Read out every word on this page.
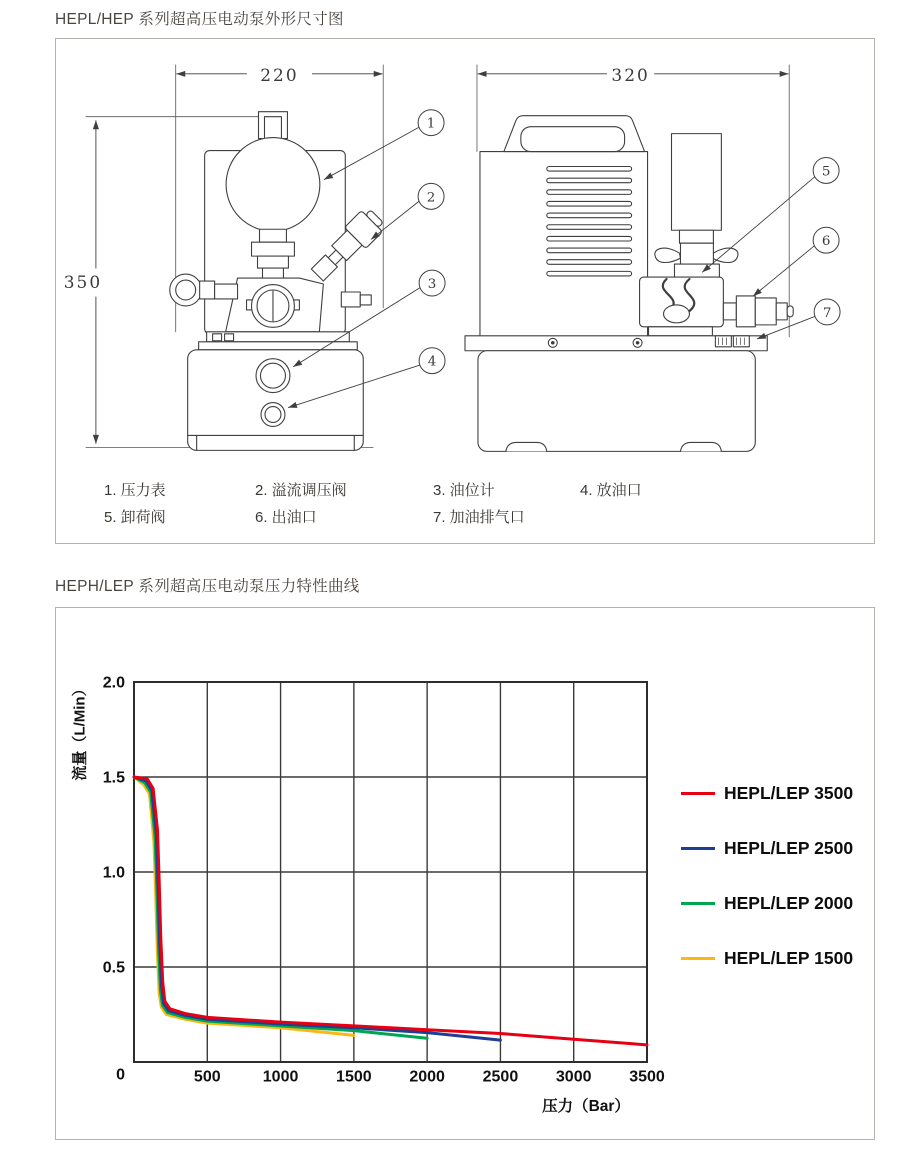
HEPL/HEP 系列超高压电动泵外形尺寸图
220
350
320
1
2
3
4
5
6
7
1. 压力表	2. 溢流调压阀	3. 油位计	4. 放油口
5. 卸荷阀	6. 出油口	7. 加油排气口
HEPH/LEP 系列超高压电动泵压力特性曲线
0	500	1000 1500 2000 2500 3000 3500
0.5
1.0
1.5
2.0
流量（L/Min）
压力（Bar）
HEPL/LEP 3500
HEPL/LEP 2500
HEPL/LEP 2000
HEPL/LEP 1500
